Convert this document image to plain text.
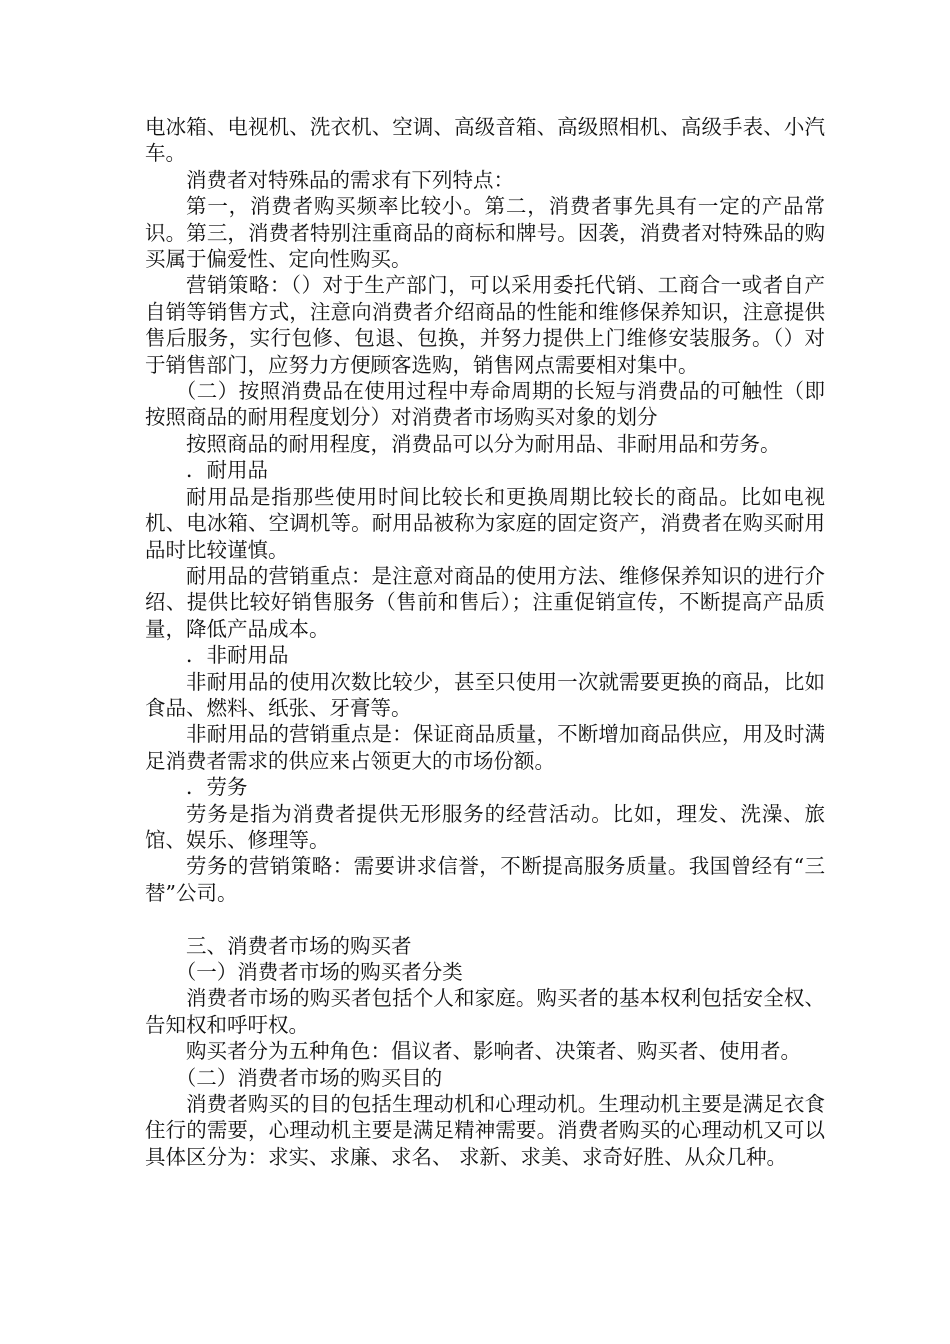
电冰箱、电视机、洗衣机、空调、高级音箱、高级照相机、高级手表、小汽车。

消费者对特殊品的需求有下列特点：

第一，消费者购买频率比较小。第二，消费者事先具有一定的产品常识。第三，消费者特别注重商品的商标和牌号。因袭，消费者对特殊品的购买属于偏爱性、定向性购买。

营销策略：（）对于生产部门，可以采用委托代销、工商合一或者自产自销等销售方式，注意向消费者介绍商品的性能和维修保养知识，注意提供售后服务，实行包修、包退、包换，并努力提供上门维修安装服务。（）对于销售部门，应努力方便顾客选购，销售网点需要相对集中。

（二）按照消费品在使用过程中寿命周期的长短与消费品的可触性（即按照商品的耐用程度划分）对消费者市场购买对象的划分

按照商品的耐用程度，消费品可以分为耐用品、非耐用品和劳务。

．耐用品

耐用品是指那些使用时间比较长和更换周期比较长的商品。比如电视机、电冰箱、空调机等。耐用品被称为家庭的固定资产，消费者在购买耐用品时比较谨慎。

耐用品的营销重点：是注意对商品的使用方法、维修保养知识的进行介绍、提供比较好销售服务（售前和售后）；注重促销宣传，不断提高产品质量，降低产品成本。

．非耐用品

非耐用品的使用次数比较少，甚至只使用一次就需要更换的商品，比如食品、燃料、纸张、牙膏等。

非耐用品的营销重点是：保证商品质量，不断增加商品供应，用及时满足消费者需求的供应来占领更大的市场份额。

．劳务

劳务是指为消费者提供无形服务的经营活动。比如，理发、洗澡、旅馆、娱乐、修理等。

劳务的营销策略：需要讲求信誉，不断提高服务质量。我国曾经有“三替”公司。

三、消费者市场的购买者

（一）消费者市场的购买者分类

消费者市场的购买者包括个人和家庭。购买者的基本权利包括安全权、告知权和呼吁权。

购买者分为五种角色：倡议者、影响者、决策者、购买者、使用者。

（二）消费者市场的购买目的

消费者购买的目的包括生理动机和心理动机。生理动机主要是满足衣食住行的需要，心理动机主要是满足精神需要。消费者购买的心理动机又可以具体区分为：求实、求廉、求名、 求新、求美、求奇好胜、从众几种。
